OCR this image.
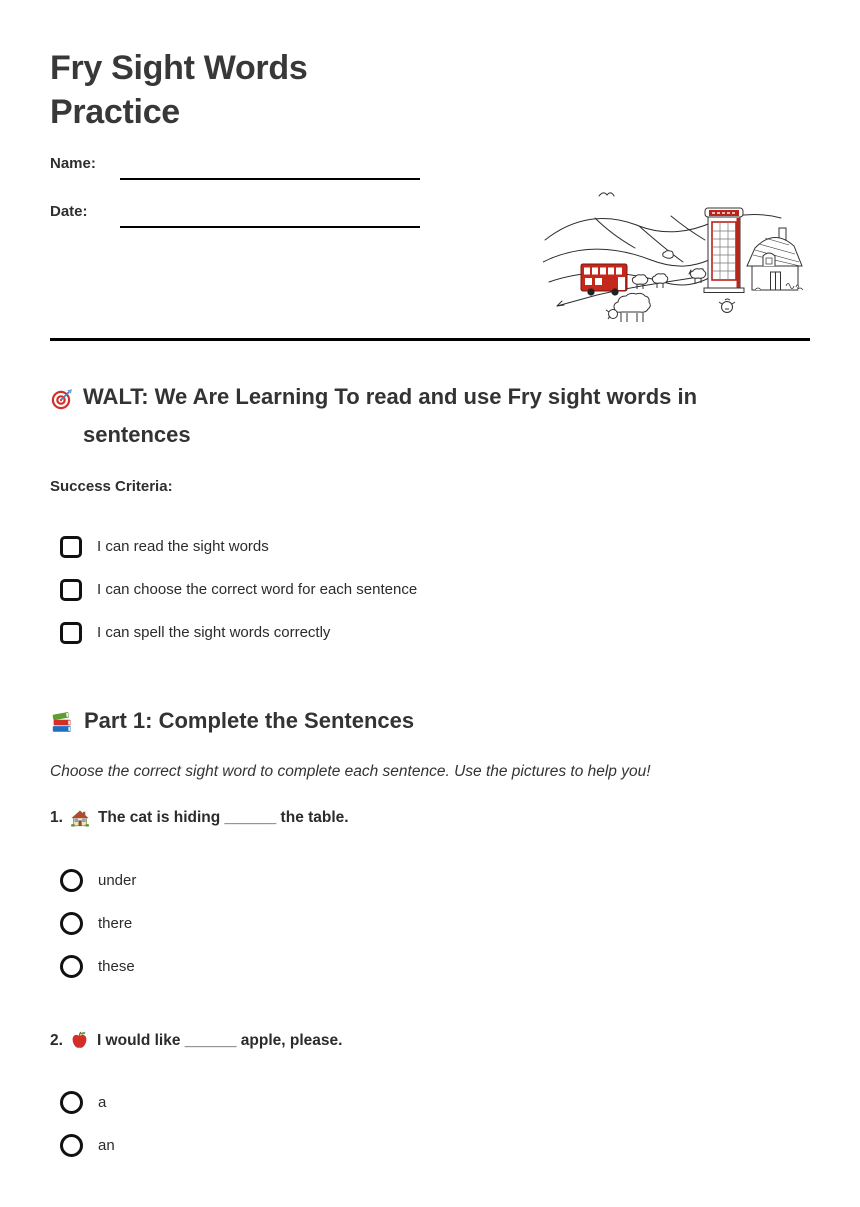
Fry Sight Words Practice
Name:
Date:
WALT: We Are Learning To read and use Fry sight words in sentences
Success Criteria:
I can read the sight words
I can choose the correct word for each sentence
I can spell the sight words correctly
Part 1: Complete the Sentences
Choose the correct sight word to complete each sentence. Use the pictures to help you!
1. The cat is hiding ______ the table.
under
there
these
2. I would like ______ apple, please.
a
an
